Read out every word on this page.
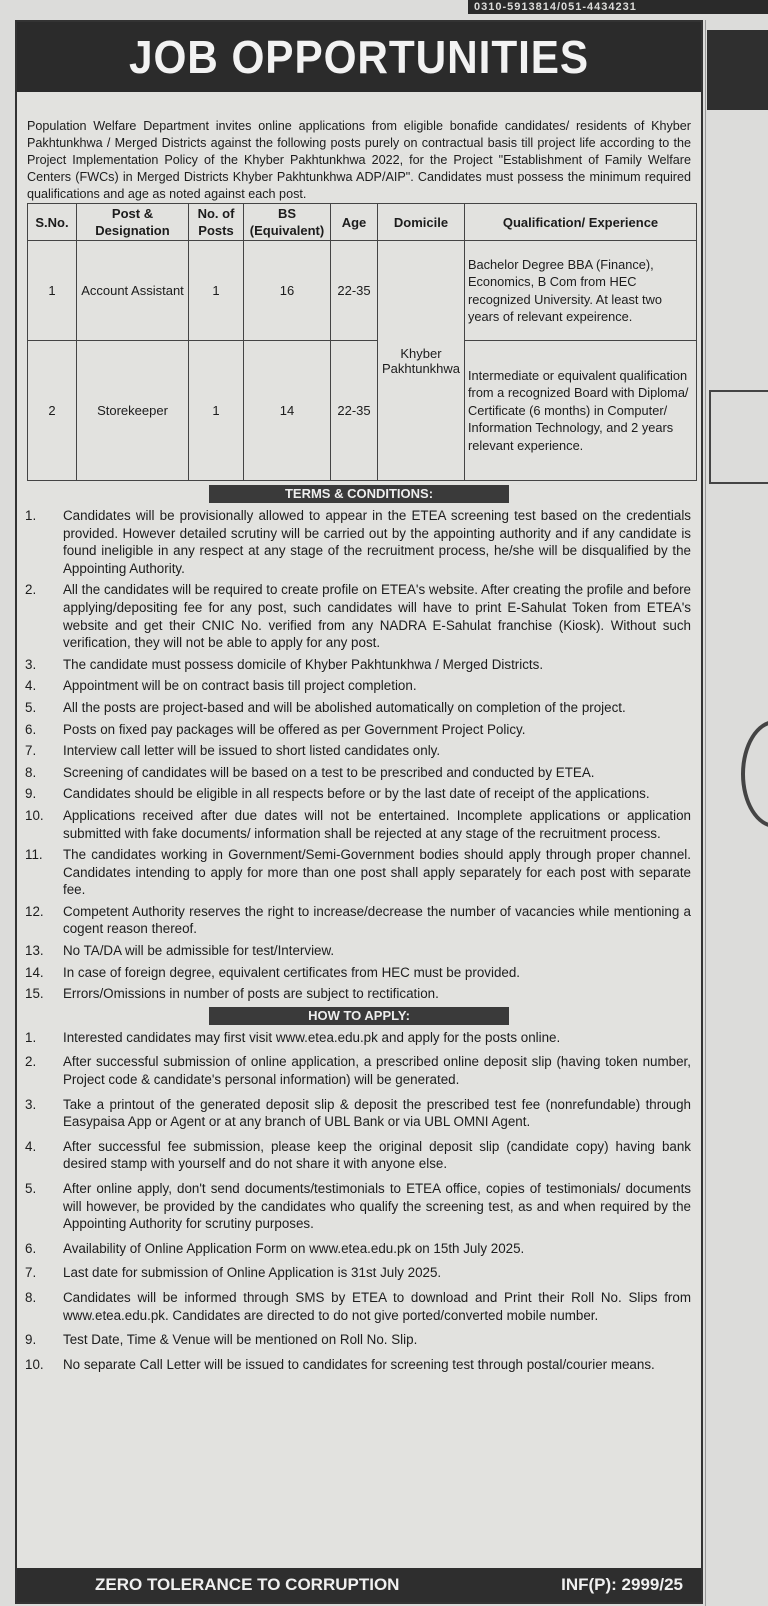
0310-5913814/051-4434231
JOB OPPORTUNITIES
Population Welfare Department invites online applications from eligible bonafide candidates/ residents of Khyber Pakhtunkhwa / Merged Districts against the following posts purely on contractual basis till project life according to the Project Implementation Policy of the Khyber Pakhtunkhwa 2022, for the Project "Establishment of Family Welfare Centers (FWCs) in Merged Districts Khyber Pakhtunkhwa ADP/AIP". Candidates must possess the minimum required qualifications and age as noted against each post.
S.No.	Post & Designation	No. of Posts	BS (Equivalent)	Age	Domicile	Qualification/ Experience
1	Account Assistant	1	16	22-35	Khyber Pakhtunkhwa	Bachelor Degree BBA (Finance), Economics, B Com from HEC recognized University. At least two years of relevant expeirence.
2	Storekeeper	1	14	22-35		Intermediate or equivalent qualification from a recognized Board with Diploma/ Certificate (6 months) in Computer/ Information Technology, and 2 years relevant experience.
TERMS & CONDITIONS:
1.	Candidates will be provisionally allowed to appear in the ETEA screening test based on the credentials provided. However detailed scrutiny will be carried out by the appointing authority and if any candidate is found ineligible in any respect at any stage of the recruitment process, he/she will be disqualified by the Appointing Authority.
2.	All the candidates will be required to create profile on ETEA's website. After creating the profile and before applying/depositing fee for any post, such candidates will have to print E-Sahulat Token from ETEA's website and get their CNIC No. verified from any NADRA E-Sahulat franchise (Kiosk). Without such verification, they will not be able to apply for any post.
3.	The candidate must possess domicile of Khyber Pakhtunkhwa / Merged Districts.
4.	Appointment will be on contract basis till project completion.
5.	All the posts are project-based and will be abolished automatically on completion of the project.
6.	Posts on fixed pay packages will be offered as per Government Project Policy.
7.	Interview call letter will be issued to short listed candidates only.
8.	Screening of candidates will be based on a test to be prescribed and conducted by ETEA.
9.	Candidates should be eligible in all respects before or by the last date of receipt of the applications.
10.	Applications received after due dates will not be entertained. Incomplete applications or application submitted with fake documents/ information shall be rejected at any stage of the recruitment process.
11.	The candidates working in Government/Semi-Government bodies should apply through proper channel. Candidates intending to apply for more than one post shall apply separately for each post with separate fee.
12.	Competent Authority reserves the right to increase/decrease the number of vacancies while mentioning a cogent reason thereof.
13.	No TA/DA will be admissible for test/Interview.
14.	In case of foreign degree, equivalent certificates from HEC must be provided.
15.	Errors/Omissions in number of posts are subject to rectification.
HOW TO APPLY:
1.	Interested candidates may first visit www.etea.edu.pk and apply for the posts online.
2.	After successful submission of online application, a prescribed online deposit slip (having token number, Project code & candidate's personal information) will be generated.
3.	Take a printout of the generated deposit slip & deposit the prescribed test fee (nonrefundable) through Easypaisa App or Agent or at any branch of UBL Bank or via UBL OMNI Agent.
4.	After successful fee submission, please keep the original deposit slip (candidate copy) having bank desired stamp with yourself and do not share it with anyone else.
5.	After online apply, don't send documents/testimonials to ETEA office, copies of testimonials/ documents will however, be provided by the candidates who qualify the screening test, as and when required by the Appointing Authority for scrutiny purposes.
6.	Availability of Online Application Form on www.etea.edu.pk on 15th July 2025.
7.	Last date for submission of Online Application is 31st July 2025.
8.	Candidates will be informed through SMS by ETEA to download and Print their Roll No. Slips from www.etea.edu.pk. Candidates are directed to do not give ported/converted mobile number.
9.	Test Date, Time & Venue will be mentioned on Roll No. Slip.
10.	No separate Call Letter will be issued to candidates for screening test through postal/courier means.
ZERO TOLERANCE TO CORRUPTION	INF(P): 2999/25
